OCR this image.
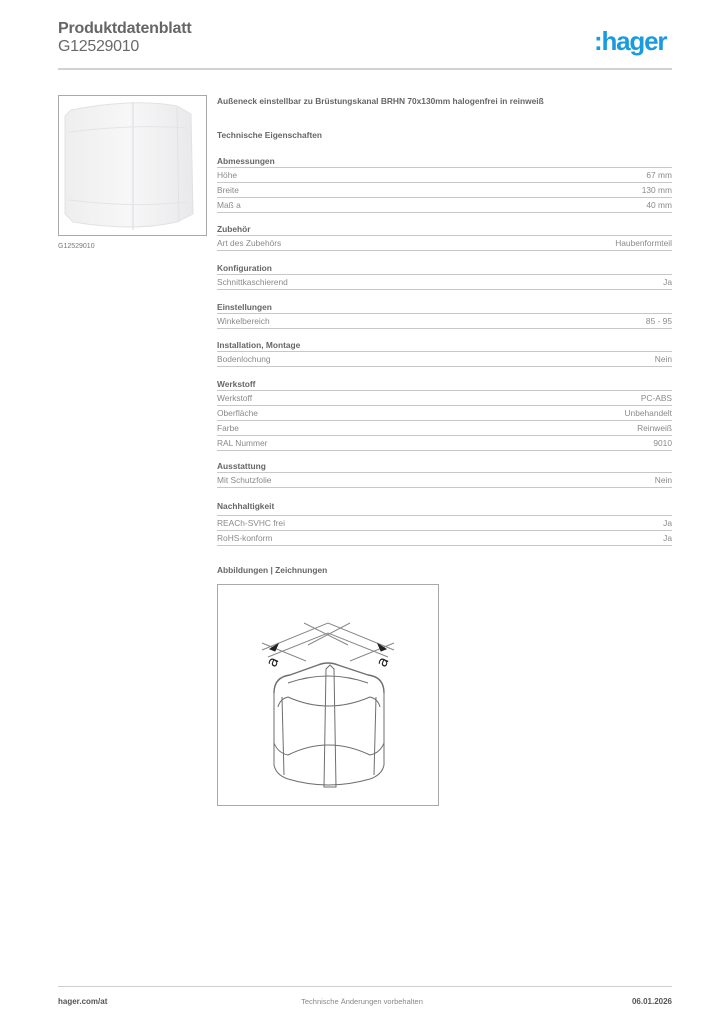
Produktdatenblatt
G12529010	:hager
G12529010
Außeneck einstellbar zu Brüstungskanal BRHN 70x130mm halogenfrei in reinweiß
Technische Eigenschaften
Abmessungen
Höhe	67 mm
Breite	130 mm
Maß a	40 mm
Zubehör
Art des Zubehörs	Haubenformteil
Konfiguration
Schnittkaschierend	Ja
Einstellungen
Winkelbereich	85 - 95
Installation, Montage
Bodenlochung	Nein
Werkstoff
Werkstoff	PC-ABS
Oberfläche	Unbehandelt
Farbe	Reinweiß
RAL Nummer	9010
Ausstattung
Mit Schutzfolie	Nein
Nachhaltigkeit
REACh-SVHC frei	Ja
RoHS-konform	Ja
Abbildungen | Zeichnungen
a	a
hager.com/at	Technische Änderungen vorbehalten	06.01.2026
